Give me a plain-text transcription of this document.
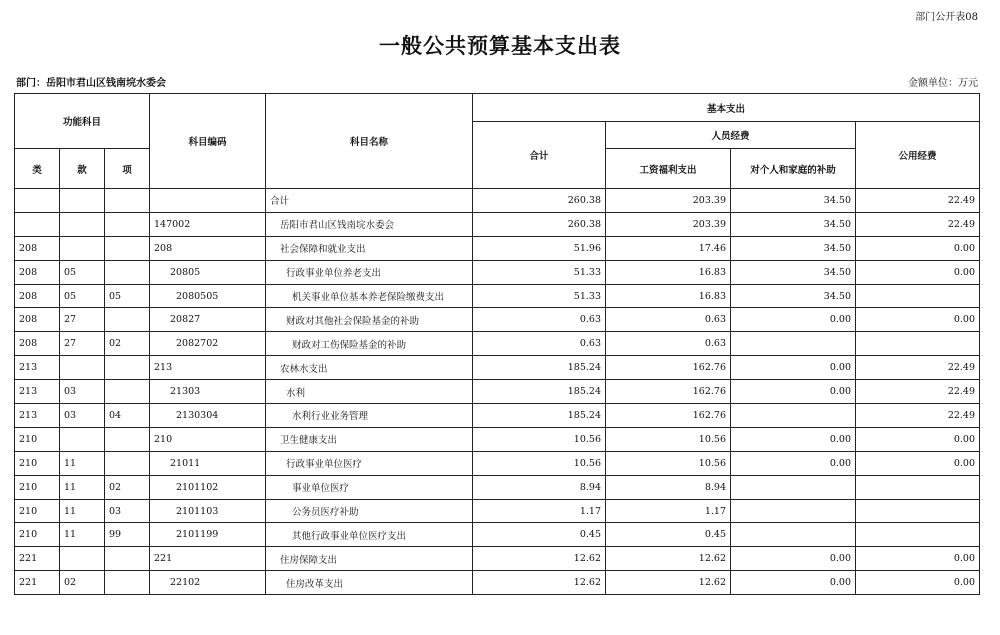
部门公开表08
一般公共预算基本支出表
部门：岳阳市君山区钱南垸水委会	金额单位：万元
功能科目			科目编码	科目名称	基本支出			
					合计	人员经费		公用经费
类	款	项				工资福利支出	对个人和家庭的补助	
				合计	260.38	203.39	34.50	22.49
			147002	岳阳市君山区钱南垸水委会	260.38	203.39	34.50	22.49
208			208	社会保障和就业支出	51.96	17.46	34.50	0.00
208	05		20805	行政事业单位养老支出	51.33	16.83	34.50	0.00
208	05	05	2080505	机关事业单位基本养老保险缴费支出	51.33	16.83	34.50	
208	27		20827	财政对其他社会保险基金的补助	0.63	0.63	0.00	0.00
208	27	02	2082702	财政对工伤保险基金的补助	0.63	0.63		
213			213	农林水支出	185.24	162.76	0.00	22.49
213	03		21303	水利	185.24	162.76	0.00	22.49
213	03	04	2130304	水利行业业务管理	185.24	162.76		22.49
210			210	卫生健康支出	10.56	10.56	0.00	0.00
210	11		21011	行政事业单位医疗	10.56	10.56	0.00	0.00
210	11	02	2101102	事业单位医疗	8.94	8.94		
210	11	03	2101103	公务员医疗补助	1.17	1.17		
210	11	99	2101199	其他行政事业单位医疗支出	0.45	0.45		
221			221	住房保障支出	12.62	12.62	0.00	0.00
221	02		22102	住房改革支出	12.62	12.62	0.00	0.00
